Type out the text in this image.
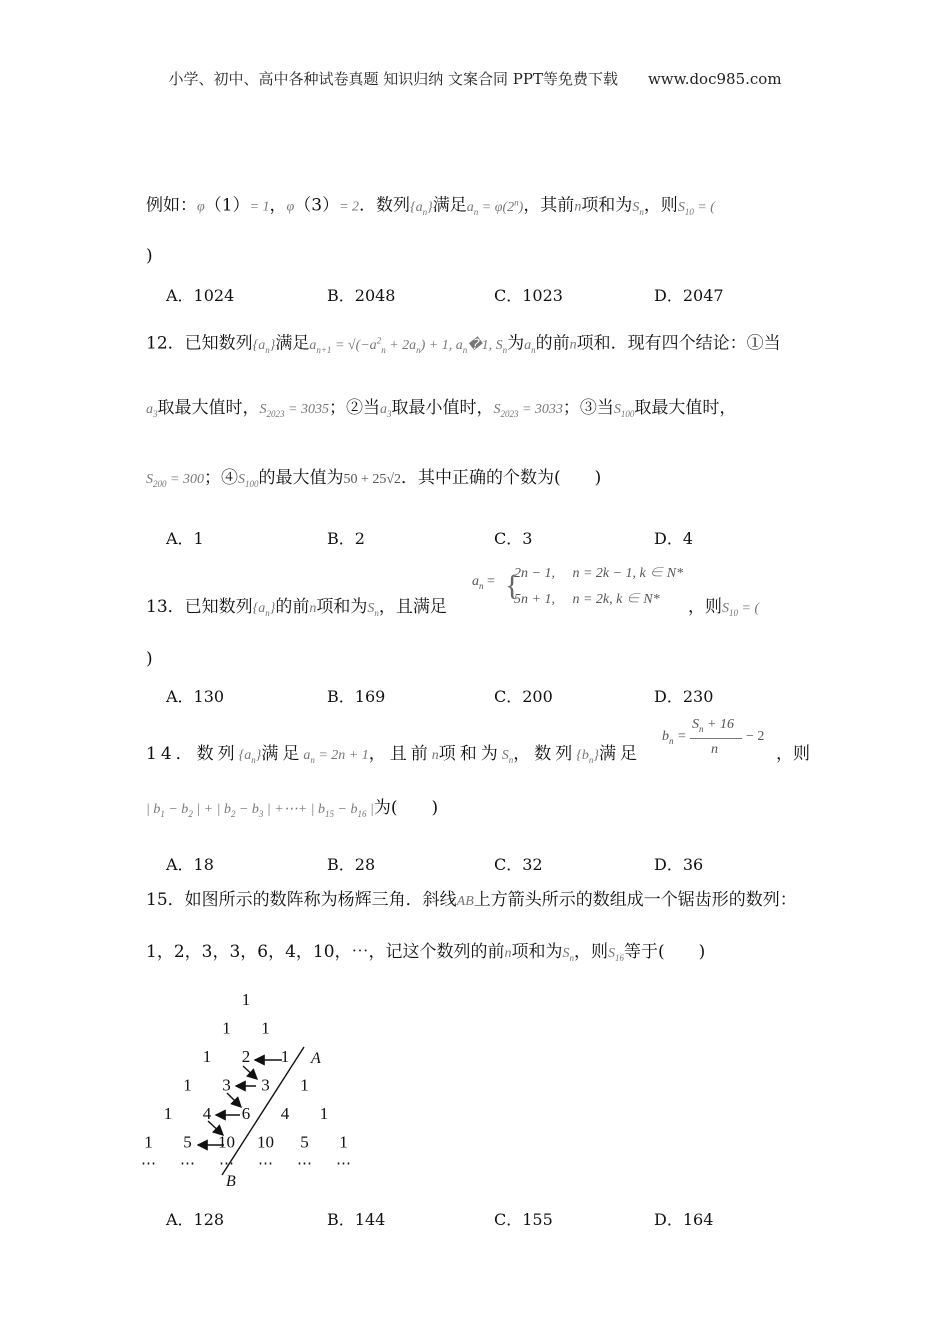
小学、初中、高中各种试卷真题 知识归纳 文案合同 PPT等免费下载　　www.doc985.com
例如：φ（1）= 1，φ（3）= 2．数列$\{a_n\}$满足$a_n = \varphi(2^n)$，其前n项和为$S_n$，则$S_{10}$ = (
)
A．1024	B．2048	C．1023	D．2047
12．已知数列$\{a_n\}$满足$a_{n+1} = √(-a^2_n + 2a_n) + 1$, $a_n�1$, $S_n$为$a_n$的前n项和．现有四个结论：①当
$a_3$取最大值时，$S_{2023} = 3035$；②当$a_3$取最小值时，$S_{2023} = 3033$；③当$S_{100}$取最大值时，
$S_{200} = 300$；$④S_{100}$的最大值为50 + 25√2．其中正确的个数为(　　)
A．1	B．2	C．3	D．4
13．已知数列$\{a_n\}$的前n项和为$S_n$，且满足
$a_n$ = {
2n − 1,　 n = 2k − 1, k ∈ N*
5n + 1,　 n = 2k, k ∈ N* ，则$S_{10}$ = (
)
A．130	B．169	C．200	D．230
14．数列$\{a_n\}$满足$a_n = 2n + 1$，且前n项和为$S_n$，数列$\{b_n\}$满足
$b_n$ =
$S_n + 16$
n
− 2
，则
| $b_1 - b_2$ | + | $b_2 - b_3$ | +⋯+ | $b_{15} - b_{16}$ |为(　　)
A．18	B．28	C．32	D．36
15．如图所示的数阵称为杨辉三角．斜线AB上方箭头所示的数组成一个锯齿形的数列：
1，2，3，3，6，4，10，⋯，记这个数列的前n项和为$S_n$，则$S_{16}$等于(　　)
1
1 1
1 2 1
1 3 3 1
1 4 6 4 1
1 5 10 10 5 1
⋯ ⋯ ⋯ ⋯ ⋯ ⋯
A
B
A．128	B．144	C．155	D．164
